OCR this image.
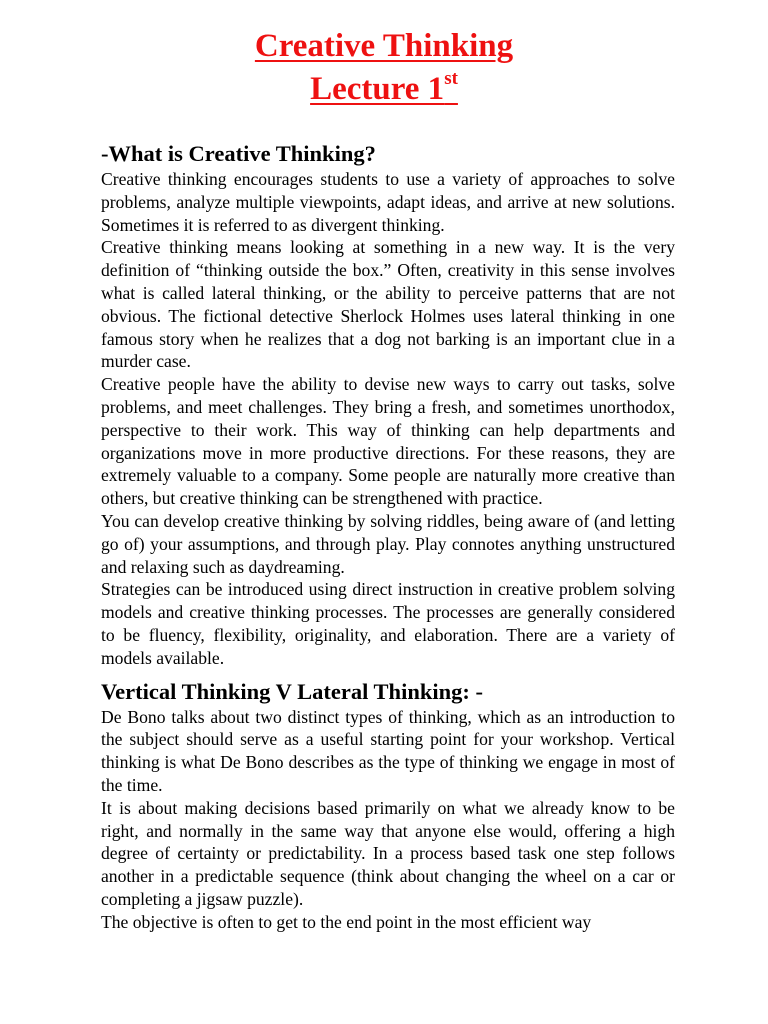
Creative Thinking
Lecture 1st
-What is Creative Thinking?

Creative thinking encourages students to use a variety of approaches to solve problems, analyze multiple viewpoints, adapt ideas, and arrive at new solutions. Sometimes it is referred to as divergent thinking.

Creative thinking means looking at something in a new way. It is the very definition of “thinking outside the box.” Often, creativity in this sense involves what is called lateral thinking, or the ability to perceive patterns that are not obvious. The fictional detective Sherlock Holmes uses lateral thinking in one famous story when he realizes that a dog not barking is an important clue in a murder case.

Creative people have the ability to devise new ways to carry out tasks, solve problems, and meet challenges. They bring a fresh, and sometimes unorthodox, perspective to their work. This way of thinking can help departments and organizations move in more productive directions. For these reasons, they are extremely valuable to a company. Some people are naturally more creative than others, but creative thinking can be strengthened with practice.

You can develop creative thinking by solving riddles, being aware of (and letting go of) your assumptions, and through play. Play connotes anything unstructured and relaxing such as daydreaming.

Strategies can be introduced using direct instruction in creative problem solving models and creative thinking processes. The processes are generally considered to be fluency, flexibility, originality, and elaboration. There are a variety of models available.

Vertical Thinking V Lateral Thinking: -

De Bono talks about two distinct types of thinking, which as an introduction to the subject should serve as a useful starting point for your workshop. Vertical thinking is what De Bono describes as the type of thinking we engage in most of the time.

It is about making decisions based primarily on what we already know to be right, and normally in the same way that anyone else would, offering a high degree of certainty or predictability. In a process based task one step follows another in a predictable sequence (think about changing the wheel on a car or completing a jigsaw puzzle).

The objective is often to get to the end point in the most efficient way
